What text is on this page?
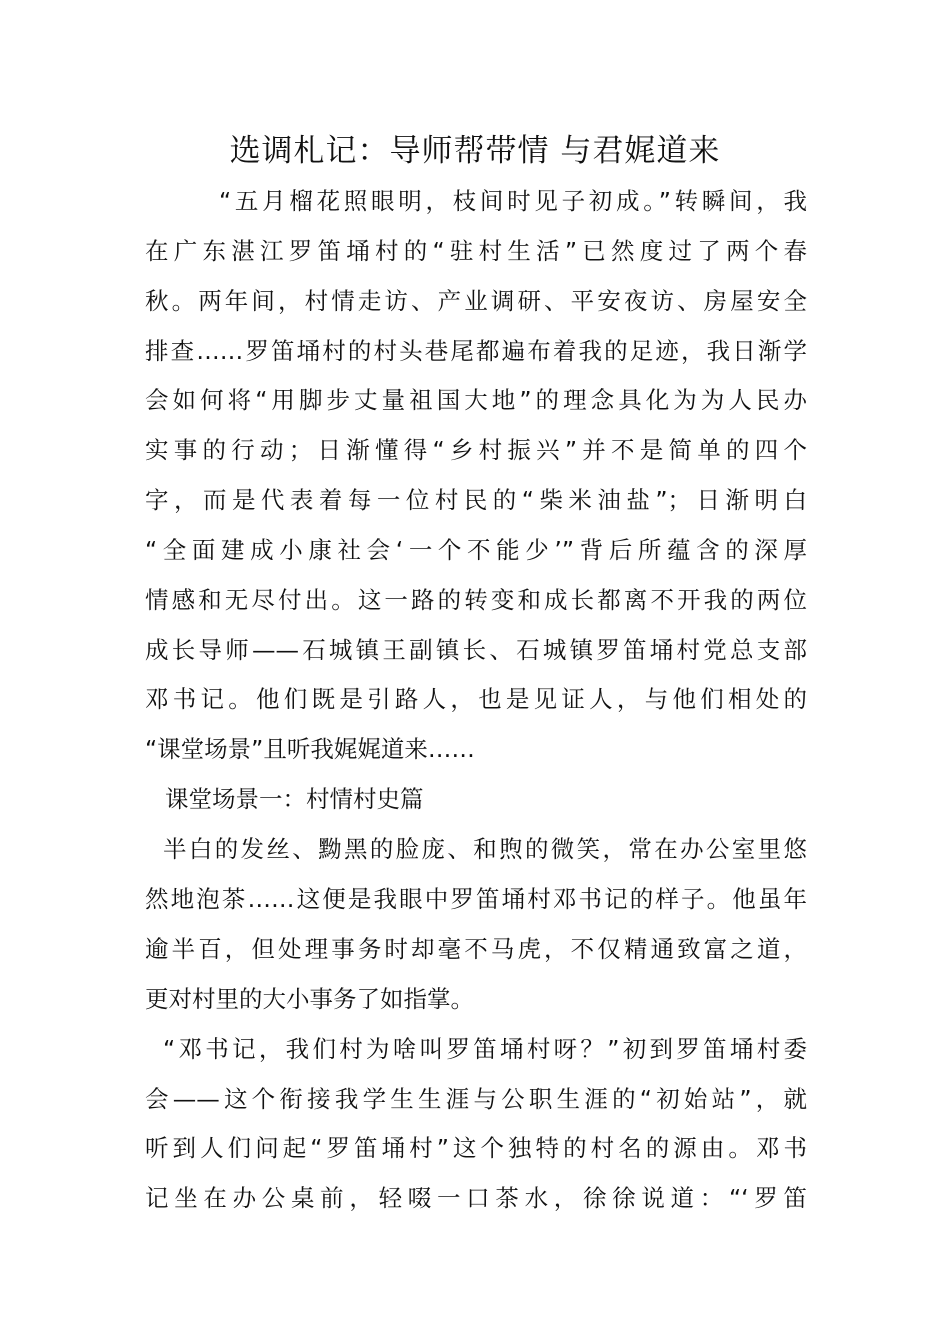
选调札记：导师帮带情 与君娓道来
“五月榴花照眼明，枝间时见子初成。”转瞬间，我
在广东湛江罗笛埇村的“驻村生活”已然度过了两个春
秋。两年间，村情走访、产业调研、平安夜访、房屋安全
排查……罗笛埇村的村头巷尾都遍布着我的足迹，我日渐学
会如何将“用脚步丈量祖国大地”的理念具化为为人民办
实事的行动；日渐懂得“乡村振兴”并不是简单的四个
字，而是代表着每一位村民的“柴米油盐”；日渐明白
“全面建成小康社会‘一个不能少’”背后所蕴含的深厚
情感和无尽付出。这一路的转变和成长都离不开我的两位
成长导师——石城镇王副镇长、石城镇罗笛埇村党总支部
邓书记。他们既是引路人，也是见证人，与他们相处的
“课堂场景”且听我娓娓道来……
课堂场景一：村情村史篇
半白的发丝、黝黑的脸庞、和煦的微笑，常在办公室里悠
然地泡茶……这便是我眼中罗笛埇村邓书记的样子。他虽年
逾半百，但处理事务时却毫不马虎，不仅精通致富之道，
更对村里的大小事务了如指掌。
“邓书记，我们村为啥叫罗笛埇村呀？”初到罗笛埇村委
会——这个衔接我学生生涯与公职生涯的“初始站”，就
听到人们问起“罗笛埇村”这个独特的村名的源由。邓书
记坐在办公桌前，轻啜一口茶水，徐徐说道：“‘罗笛
